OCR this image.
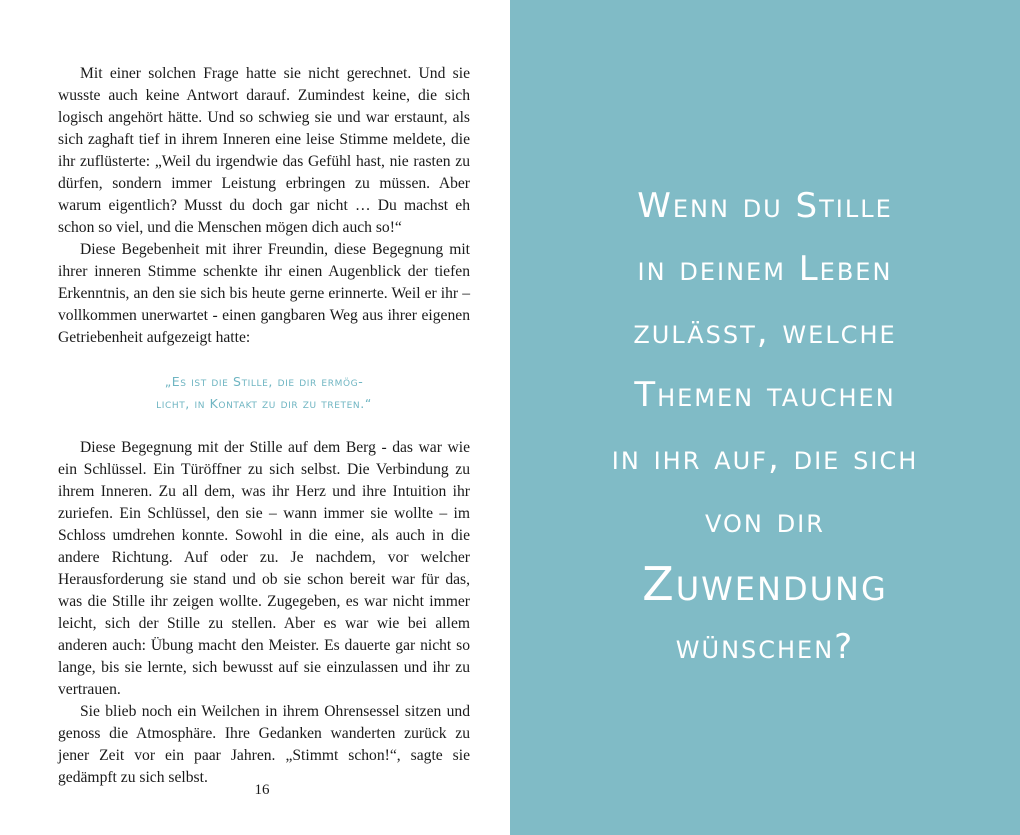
Mit einer solchen Frage hatte sie nicht gerechnet. Und sie wusste auch keine Antwort darauf. Zumindest keine, die sich logisch angehört hätte. Und so schwieg sie und war erstaunt, als sich zaghaft tief in ihrem Inneren eine leise Stimme meldete, die ihr zuflüsterte: „Weil du irgendwie das Gefühl hast, nie rasten zu dürfen, sondern immer Leistung erbringen zu müssen. Aber warum eigentlich? Musst du doch gar nicht … Du machst eh schon so viel, und die Menschen mögen dich auch so!“

Diese Begebenheit mit ihrer Freundin, diese Begegnung mit ihrer inneren Stimme schenkte ihr einen Augenblick der tiefen Erkenntnis, an den sie sich bis heute gerne erinnerte. Weil er ihr – vollkommen unerwartet - einen gangbaren Weg aus ihrer eigenen Getriebenheit aufgezeigt hatte:

„Es ist die Stille, die dir ermög-
licht, in Kontakt zu dir zu treten.“

Diese Begegnung mit der Stille auf dem Berg - das war wie ein Schlüssel. Ein Türöffner zu sich selbst. Die Verbindung zu ihrem Inneren. Zu all dem, was ihr Herz und ihre Intuition ihr zuriefen. Ein Schlüssel, den sie – wann immer sie wollte – im Schloss umdrehen konnte. Sowohl in die eine, als auch in die andere Richtung. Auf oder zu. Je nachdem, vor welcher Herausforderung sie stand und ob sie schon bereit war für das, was die Stille ihr zeigen wollte. Zugegeben, es war nicht immer leicht, sich der Stille zu stellen. Aber es war wie bei allem anderen auch: Übung macht den Meister. Es dauerte gar nicht so lange, bis sie lernte, sich bewusst auf sie einzulassen und ihr zu vertrauen.

Sie blieb noch ein Weilchen in ihrem Ohrensessel sitzen und genoss die Atmosphäre. Ihre Gedanken wanderten zurück zu jener Zeit vor ein paar Jahren. „Stimmt schon!“, sagte sie gedämpft zu sich selbst.

16
Wenn du Stille
in deinem Leben
zulässt, welche
Themen tauchen
in ihr auf, die sich
von dir
Zuwendung
wünschen?
